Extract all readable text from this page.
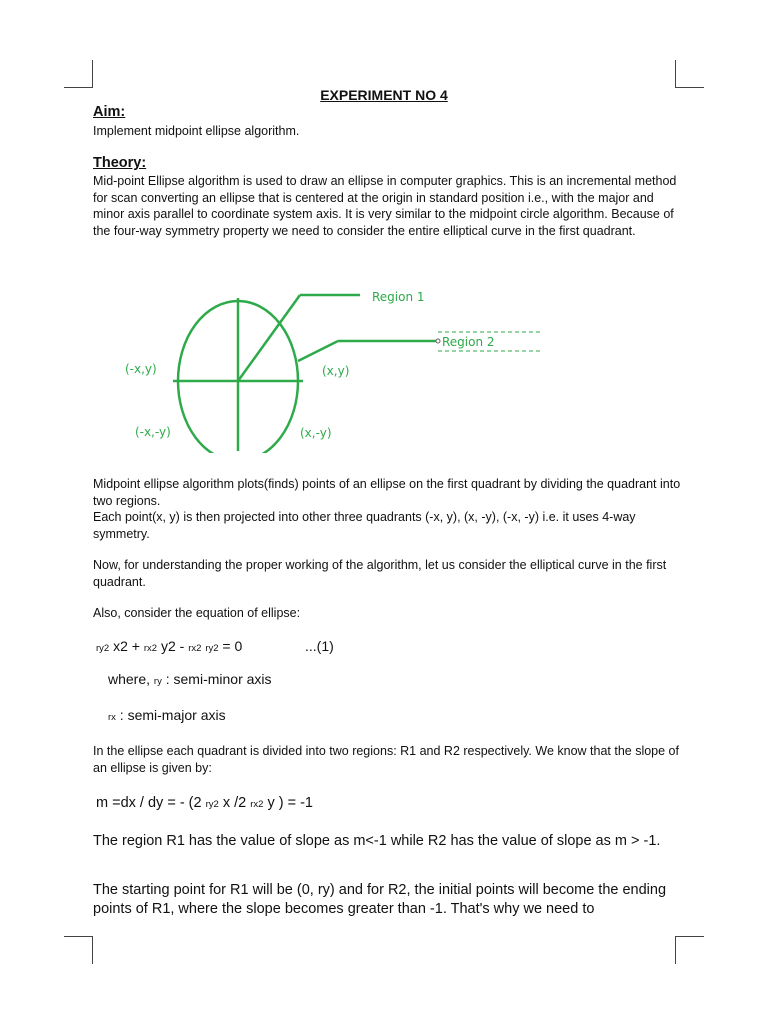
EXPERIMENT NO 4
Aim:

Implement midpoint ellipse algorithm.

Theory:

Mid-point Ellipse algorithm is used to draw an ellipse in computer graphics. This is an incremental method for scan converting an ellipse that is centered at the origin in standard position i.e., with the major and minor axis parallel to coordinate system axis. It is very similar to the midpoint circle algorithm. Because of the four-way symmetry property we need to consider the entire elliptical curve in the first quadrant.

Region 1
Region 2
(-x,y)	(x,y)
(-x,-y)	(x,-y)

Midpoint ellipse algorithm plots(finds) points of an ellipse on the first quadrant by dividing the quadrant into two regions.

Each point(x, y) is then projected into other three quadrants (-x, y), (x, -y), (-x, -y) i.e. it uses 4-way symmetry.

Now, for understanding the proper working of the algorithm, let us consider the elliptical curve in the first quadrant.

Also, consider the equation of ellipse:

ry2 x2 + rx2 y2 - rx2 ry2 = 0	...(1)

where, ry : semi-minor axis

rx : semi-major axis

In the ellipse each quadrant is divided into two regions: R1 and R2 respectively. We know that the slope of an ellipse is given by:

m =dx / dy = - (2 ry2 x /2 rx2 y ) = -1

The region R1 has the value of slope as m<-1 while R2 has the value of slope as m > -1.

The starting point for R1 will be (0, ry) and for R2, the initial points will become the ending points of R1, where the slope becomes greater than -1. That's why we need to
